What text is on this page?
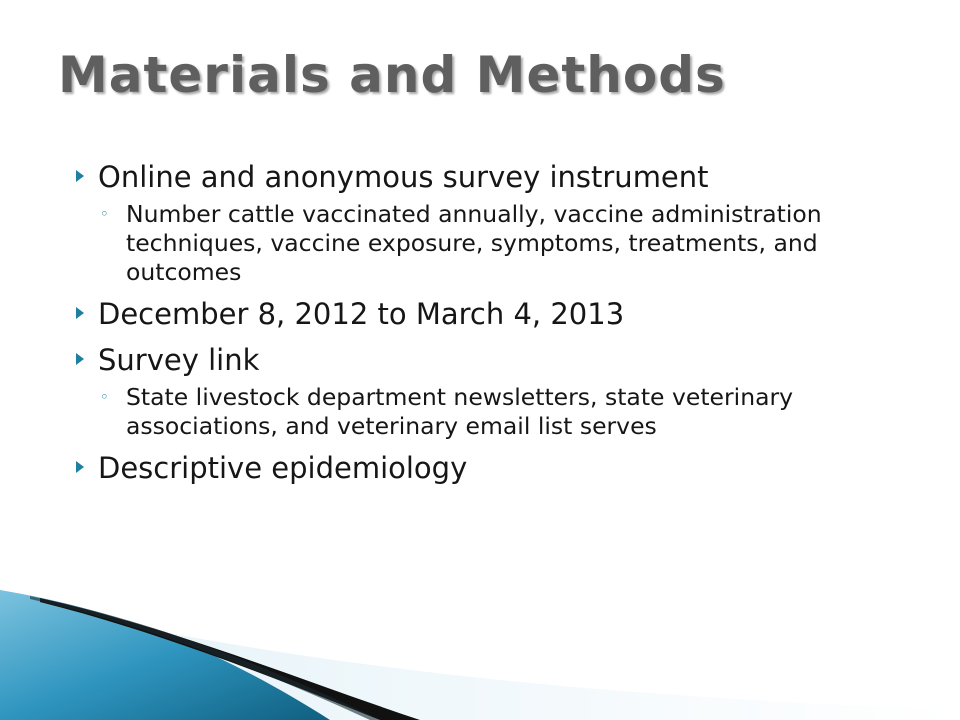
Materials and Methods
Online and anonymous survey instrument
◦ Number cattle vaccinated annually, vaccine administration techniques, vaccine exposure, symptoms, treatments, and outcomes
December 8, 2012 to March 4, 2013
Survey link
◦ State livestock department newsletters, state veterinary associations, and veterinary email list serves
Descriptive epidemiology
